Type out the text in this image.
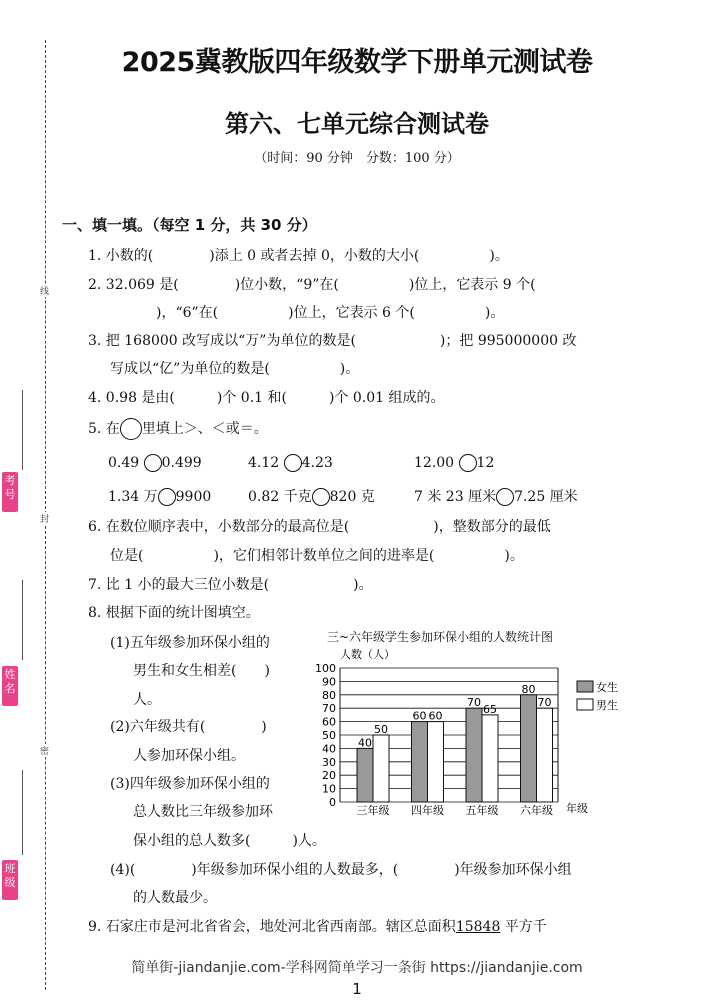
线
封
密
考号
姓名
班级
2025冀教版四年级数学下册单元测试卷
第六、七单元综合测试卷
（时间：90 分钟　分数：100 分）
一、填一填。（每空 1 分，共 30 分）
1. 小数的(　　　　)添上 0 或者去掉 0，小数的大小(　　　　　)。
2. 32.069 是(　　　　)位小数，“9”在(　　　　　)位上，它表示 9 个(
　　)，“6”在(　　　　　)位上，它表示 6 个(　　　　　)。
3. 把 168000 改写成以“万”为单位的数是(　　　　　　)；把 995000000 改
写成以“亿”为单位的数是(　　　　　)。
4. 0.98 是由(　　　)个 0.1 和(　　　)个 0.01 组成的。
5. 在 里填上＞、＜或＝。
0.49 0.499	4.12 4.23	12.00 12
1.34 万 9900	0.82 千克 820 克	7 米 23 厘米 7.25 厘米
6. 在数位顺序表中，小数部分的最高位是(　　　　　　)，整数部分的最低
位是(　　　　　)，它们相邻计数单位之间的进率是(　　　　　)。
7. 比 1 小的最大三位小数是(　　　　　　)。
8. 根据下面的统计图填空。
(1)五年级参加环保小组的
男生和女生相差(　　)
人。
(2)六年级共有(　　　　)
人参加环保小组。
(3)四年级参加环保小组的
总人数比三年级参加环
保小组的总人数多(　　　)人。
(4)(　　　　)年级参加环保小组的人数最多，(　　　　)年级参加环保小组
的人数最少。
9. 石家庄市是河北省省会，地处河北省西南部。辖区总面积15848 平方千
三~六年级学生参加环保小组的人数统计图
0
10
20
30
40
50
60
70
80
90
100
40
50
三年级
60 60
四年级
70
65
五年级
80
70
六年级
人数（人）
年级
女生
男生
简单街-jiandanjie.com-学科网简单学习一条街 https://jiandanjie.com
1
